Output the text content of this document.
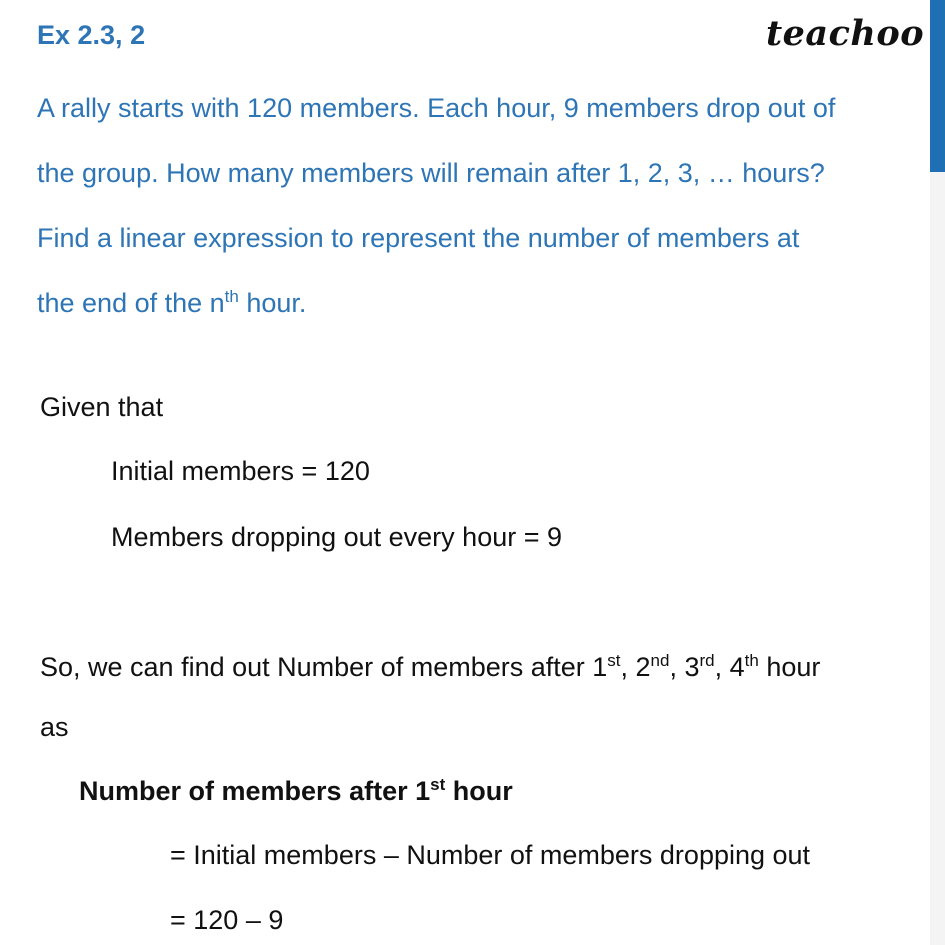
Ex 2.3, 2	teachoo
A rally starts with 120 members. Each hour, 9 members drop out of
the group. How many members will remain after 1, 2, 3, … hours?
Find a linear expression to represent the number of members at
the end of the $n^{th}$ hour.
Given that
Initial members = 120
Members dropping out every hour = 9
So, we can find out Number of members after 1st, 2nd, 3rd, 4th hour
as
Number of members after 1st hour
= Initial members – Number of members dropping out
= 120 – 9
